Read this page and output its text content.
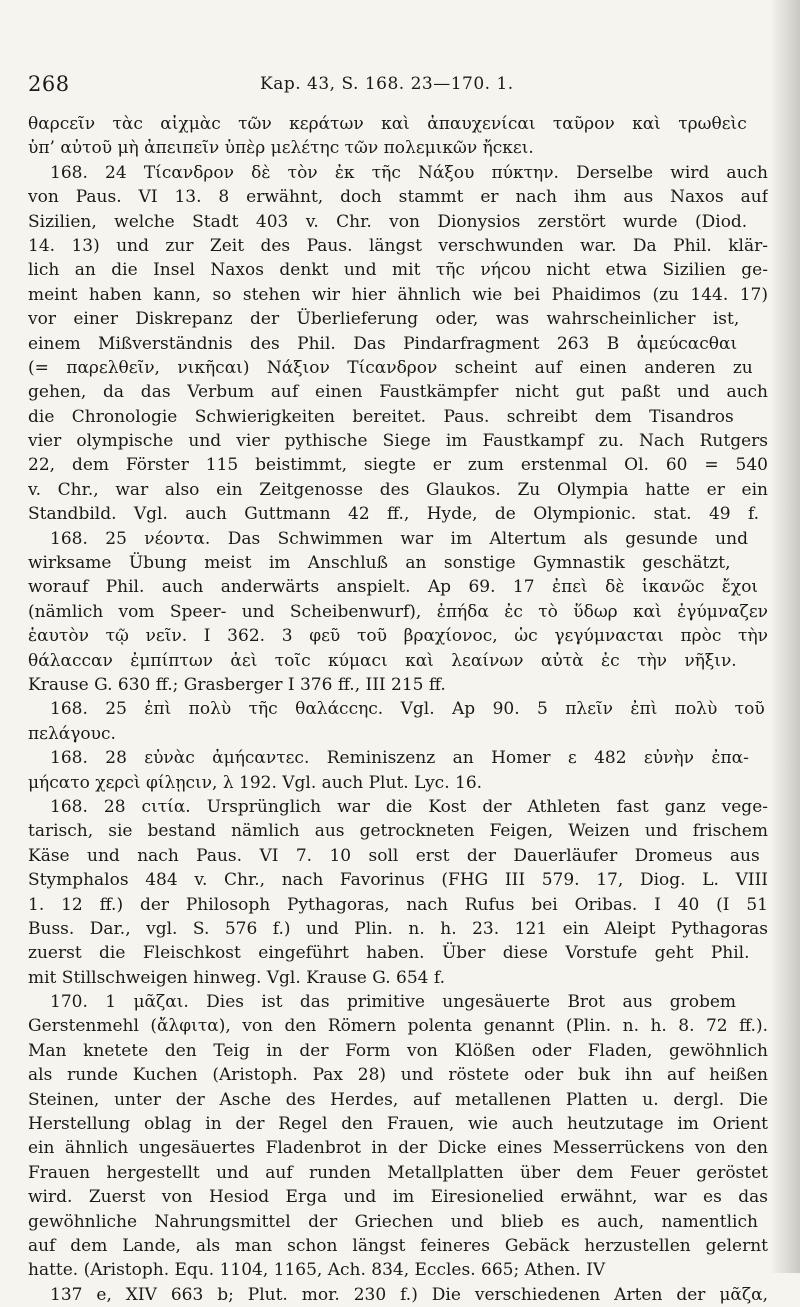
268	Kap. 43, S. 168. 23—170. 1.
θαρcεῖν τὰc αἰχμὰc τῶν κεράτων καὶ ἀπαυχενίcαι ταῦρον καὶ τρωθεὶc
ὑπ’ αὐτοῦ μὴ ἀπειπεῖν ὑπὲρ μελέτηc τῶν πολεμικῶν ἤcκει.
168. 24 Τίcανδρον δὲ τὸν ἐκ τῆc Νάξου πύκτην. Derselbe wird auch
von Paus. VI 13. 8 erwähnt, doch stammt er nach ihm aus Naxos auf
Sizilien, welche Stadt 403 v. Chr. von Dionysios zerstört wurde (Diod.
14. 13) und zur Zeit des Paus. längst verschwunden war. Da Phil. klär-
lich an die Insel Naxos denkt und mit τῆc νήcου nicht etwa Sizilien ge-
meint haben kann, so stehen wir hier ähnlich wie bei Phaidimos (zu 144. 17)
vor einer Diskrepanz der Überlieferung oder, was wahrscheinlicher ist,
einem Mißverständnis des Phil. Das Pindarfragment 263 B ἀμεύcαcθαι
(= παρελθεῖν, νικῆcαι) Νάξιον Τίcανδρον scheint auf einen anderen zu
gehen, da das Verbum auf einen Faustkämpfer nicht gut paßt und auch
die Chronologie Schwierigkeiten bereitet. Paus. schreibt dem Tisandros
vier olympische und vier pythische Siege im Faustkampf zu. Nach Rutgers
22, dem Förster 115 beistimmt, siegte er zum erstenmal Ol. 60 = 540
v. Chr., war also ein Zeitgenosse des Glaukos. Zu Olympia hatte er ein
Standbild. Vgl. auch Guttmann 42 ff., Hyde, de Olympionic. stat. 49 f.
168. 25 νέοντα. Das Schwimmen war im Altertum als gesunde und
wirksame Übung meist im Anschluß an sonstige Gymnastik geschätzt,
worauf Phil. auch anderwärts anspielt. Ap 69. 17 ἐπεὶ δὲ ἱκανῶc ἔχοι
(nämlich vom Speer- und Scheibenwurf), ἐπήδα ἐc τὸ ὕδωρ καὶ ἐγύμναζεν
ἑαυτὸν τῷ νεῖν. I 362. 3 φεῦ τοῦ βραχίονοc, ὡc γεγύμναcται πρὸc τὴν
θάλαccαν ἐμπίπτων ἀεὶ τοῖc κύμαcι καὶ λεαίνων αὐτὰ ἐc τὴν νῆξιν.
Krause G. 630 ff.; Grasberger I 376 ff., III 215 ff.
168. 25 ἐπὶ πολὺ τῆc θαλάccηc. Vgl. Ap 90. 5 πλεῖν ἐπὶ πολὺ τοῦ
πελάγουc.
168. 28 εὐνὰc ἀμήcαντεc. Reminiszenz an Homer ε 482 εὐνὴν ἐπα-
μήcατο χερcὶ φίλῃcιν, λ 192. Vgl. auch Plut. Lyc. 16.
168. 28 cιτία. Ursprünglich war die Kost der Athleten fast ganz vege-
tarisch, sie bestand nämlich aus getrockneten Feigen, Weizen und frischem
Käse und nach Paus. VI 7. 10 soll erst der Dauerläufer Dromeus aus
Stymphalos 484 v. Chr., nach Favorinus (FHG III 579. 17, Diog. L. VIII
1. 12 ff.) der Philosoph Pythagoras, nach Rufus bei Oribas. I 40 (I 51
Buss. Dar., vgl. S. 576 f.) und Plin. n. h. 23. 121 ein Aleipt Pythagoras
zuerst die Fleischkost eingeführt haben. Über diese Vorstufe geht Phil.
mit Stillschweigen hinweg. Vgl. Krause G. 654 f.
170. 1 μᾶζαι. Dies ist das primitive ungesäuerte Brot aus grobem
Gerstenmehl (ἄλφιτα), von den Römern polenta genannt (Plin. n. h. 8. 72 ff.).
Man knetete den Teig in der Form von Klößen oder Fladen, gewöhnlich
als runde Kuchen (Aristoph. Pax 28) und röstete oder buk ihn auf heißen
Steinen, unter der Asche des Herdes, auf metallenen Platten u. dergl. Die
Herstellung oblag in der Regel den Frauen, wie auch heutzutage im Orient
ein ähnlich ungesäuertes Fladenbrot in der Dicke eines Messerrückens von den
Frauen hergestellt und auf runden Metallplatten über dem Feuer geröstet
wird. Zuerst von Hesiod Erga und im Eiresionelied erwähnt, war es das
gewöhnliche Nahrungsmittel der Griechen und blieb es auch, namentlich
auf dem Lande, als man schon längst feineres Gebäck herzustellen gelernt
hatte. (Aristoph. Equ. 1104, 1165, Ach. 834, Eccles. 665; Athen. IV
137 e, XIV 663 b; Plut. mor. 230 f.) Die verschiedenen Arten der μᾶζα,
